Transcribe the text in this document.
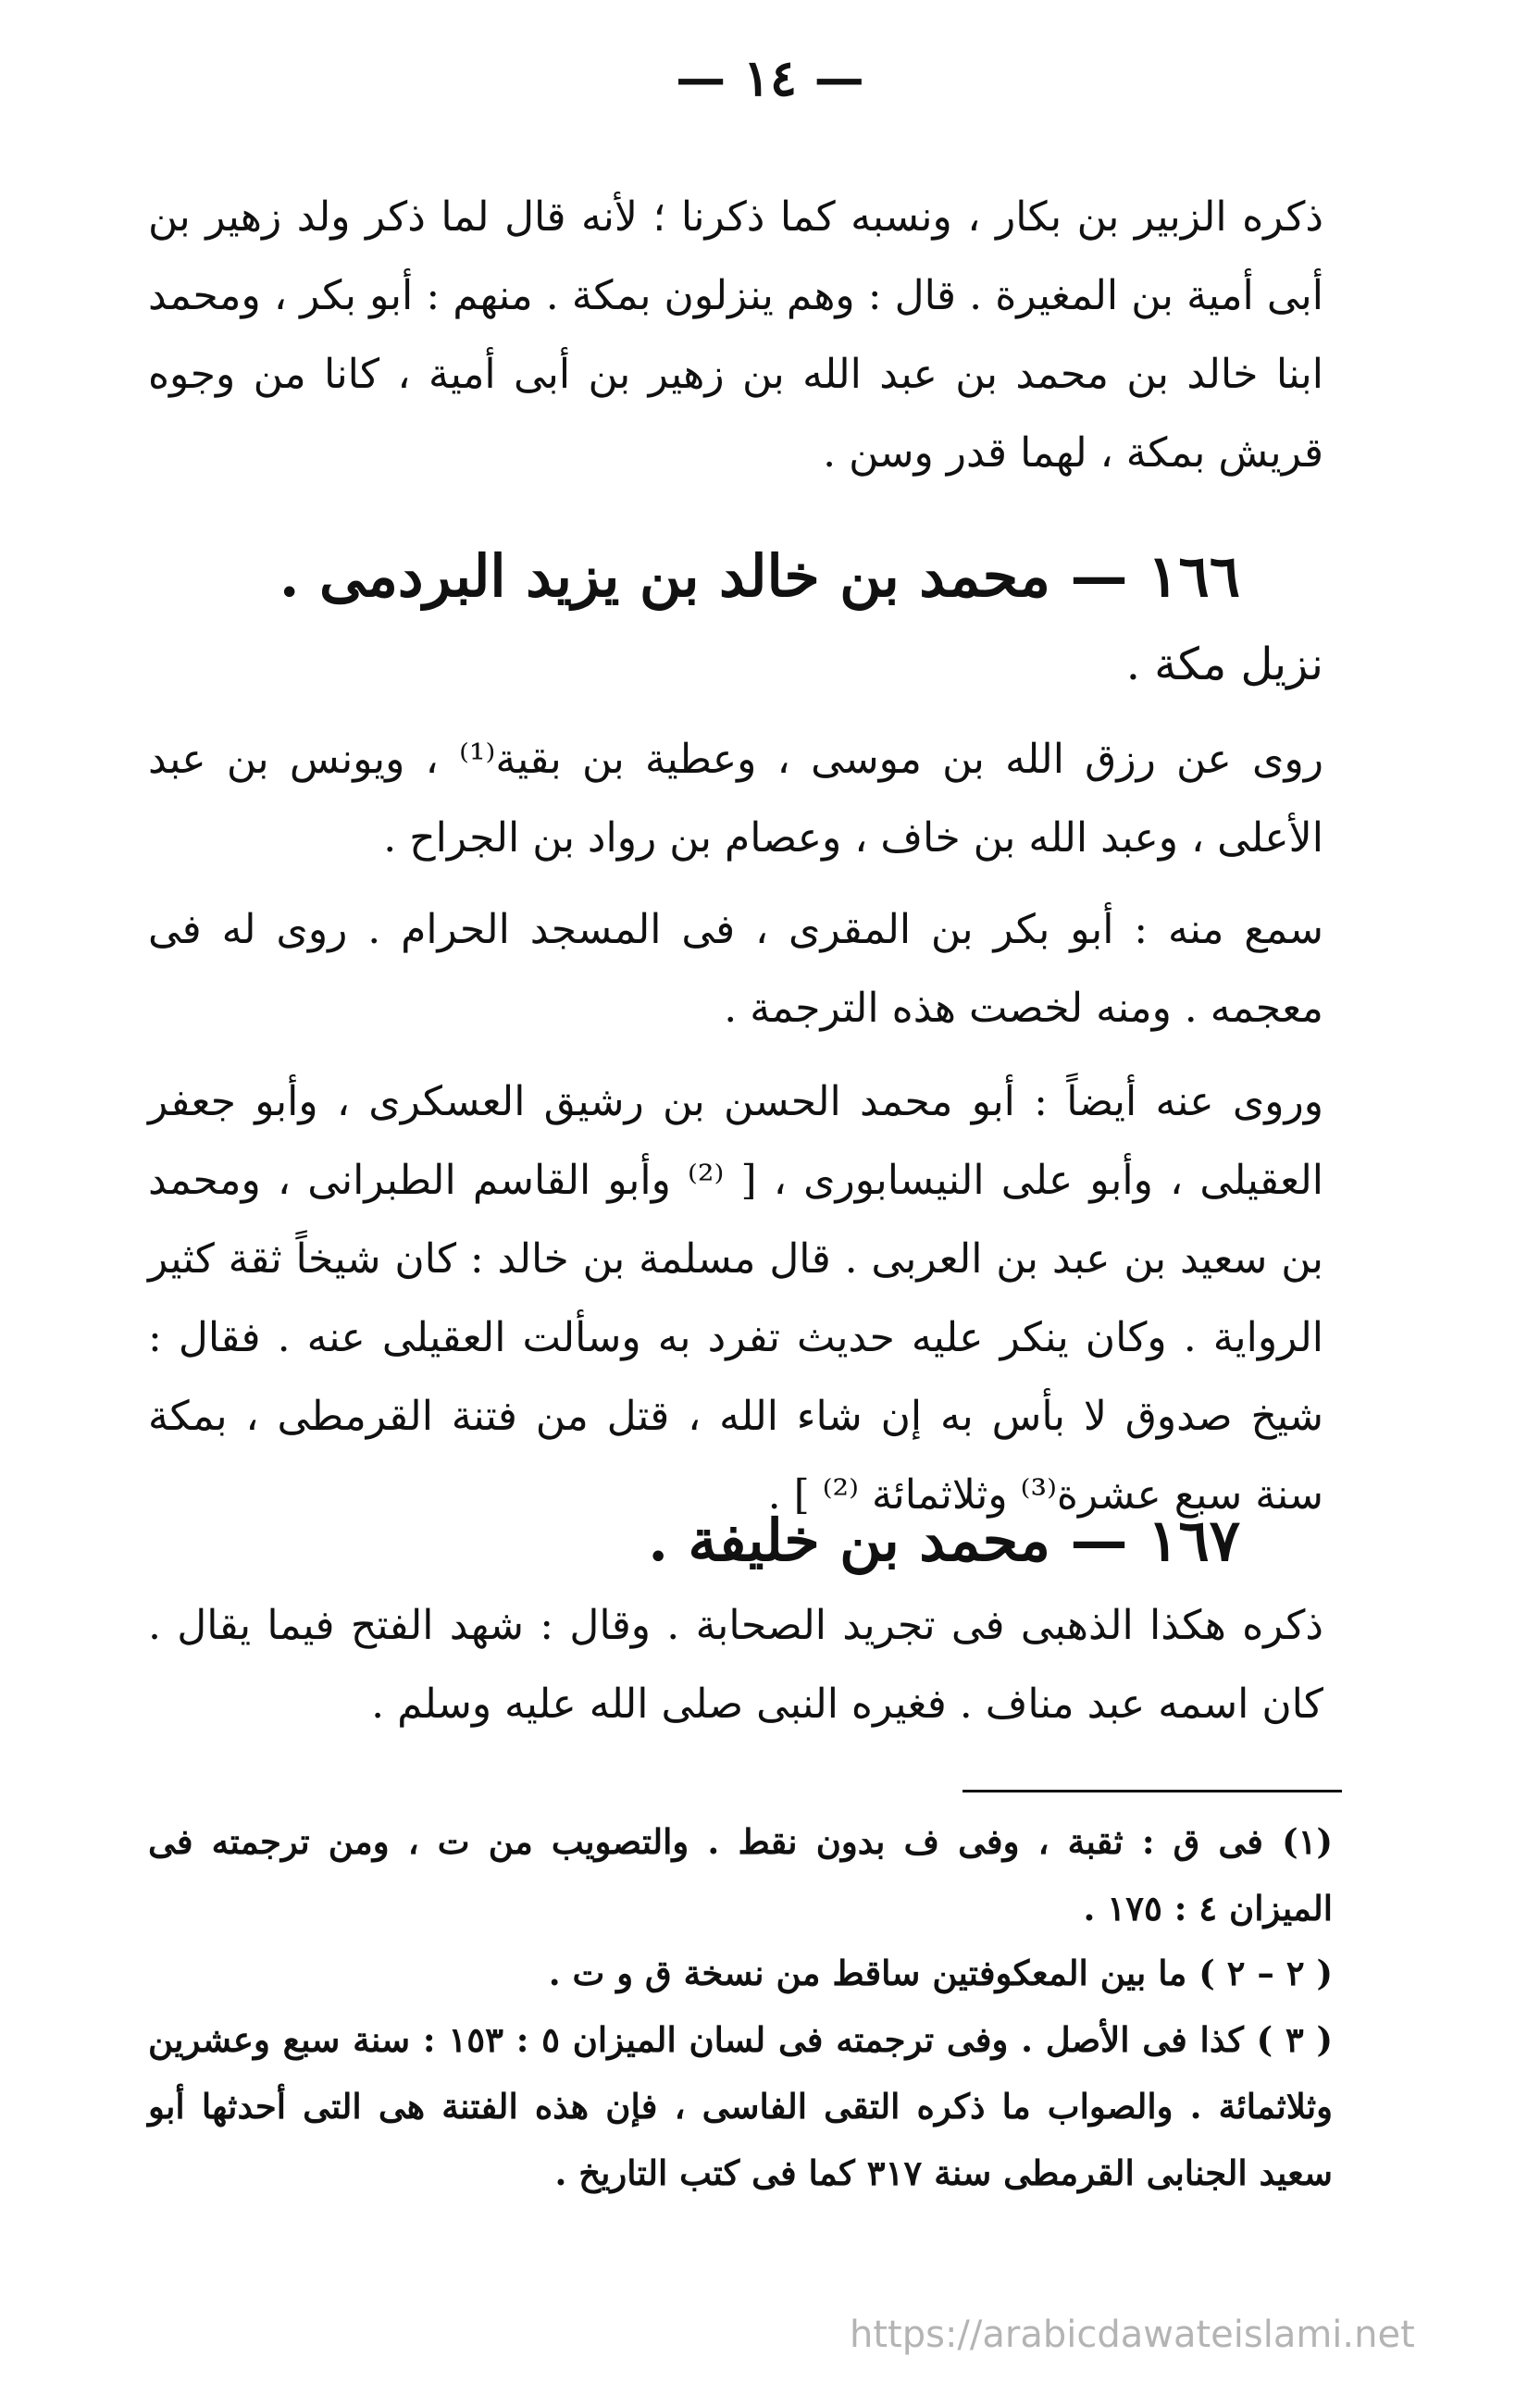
— ١٤ —
ذكره الزبير بن بكار ، ونسبه كما ذكرنا ؛ لأنه قال لما ذكر ولد زهير بن أبى أمية بن المغيرة . قال : وهم ينزلون بمكة . منهم : أبو بكر ، ومحمد ابنا خالد بن محمد بن عبد الله بن زهير بن أبى أمية ، كانا من وجوه قريش بمكة ، لهما قدر وسن .
١٦٦ — محمد بن خالد بن يزيد البردمى .
نزيل مكة .
روى عن رزق الله بن موسى ، وعطية بن بقية⁽¹⁾ ، ويونس بن عبد الأعلى ، وعبد الله بن خاف ، وعصام بن رواد بن الجراح .
سمع منه : أبو بكر بن المقرى ، فى المسجد الحرام . روى له فى معجمه . ومنه لخصت هذه الترجمة .
وروى عنه أيضاً : أبو محمد الحسن بن رشيق العسكرى ، وأبو جعفر العقيلى ، وأبو على النيسابورى ، [ ⁽²⁾ وأبو القاسم الطبرانى ، ومحمد بن سعيد بن عبد بن العربى . قال مسلمة بن خالد : كان شيخاً ثقة كثير الرواية . وكان ينكر عليه حديث تفرد به وسألت العقيلى عنه . فقال : شيخ صدوق لا بأس به إن شاء الله ، قتل من فتنة القرمطى ، بمكة سنة سبع عشرة⁽³⁾ وثلاثمائة ⁽²⁾ ] .
١٦٧ — محمد بن خليفة .
ذكره هكذا الذهبى فى تجريد الصحابة . وقال : شهد الفتح فيما يقال . كان اسمه عبد مناف . فغيره النبى صلى الله عليه وسلم .
(١) فى ق : ثقبة ، وفى ف بدون نقط . والتصويب من ت ، ومن ترجمته فى الميزان ٤ : ١٧٥ .
( ٢ – ٢ ) ما بين المعكوفتين ساقط من نسخة ق و ت .
( ٣ ) كذا فى الأصل . وفى ترجمته فى لسان الميزان ٥ : ١٥٣ : سنة سبع وعشرين وثلاثمائة . والصواب ما ذكره التقى الفاسى ، فإن هذه الفتنة هى التى أحدثها أبو سعيد الجنابى القرمطى سنة ٣١٧ كما فى كتب التاريخ .
https://arabicdawateislami.net
